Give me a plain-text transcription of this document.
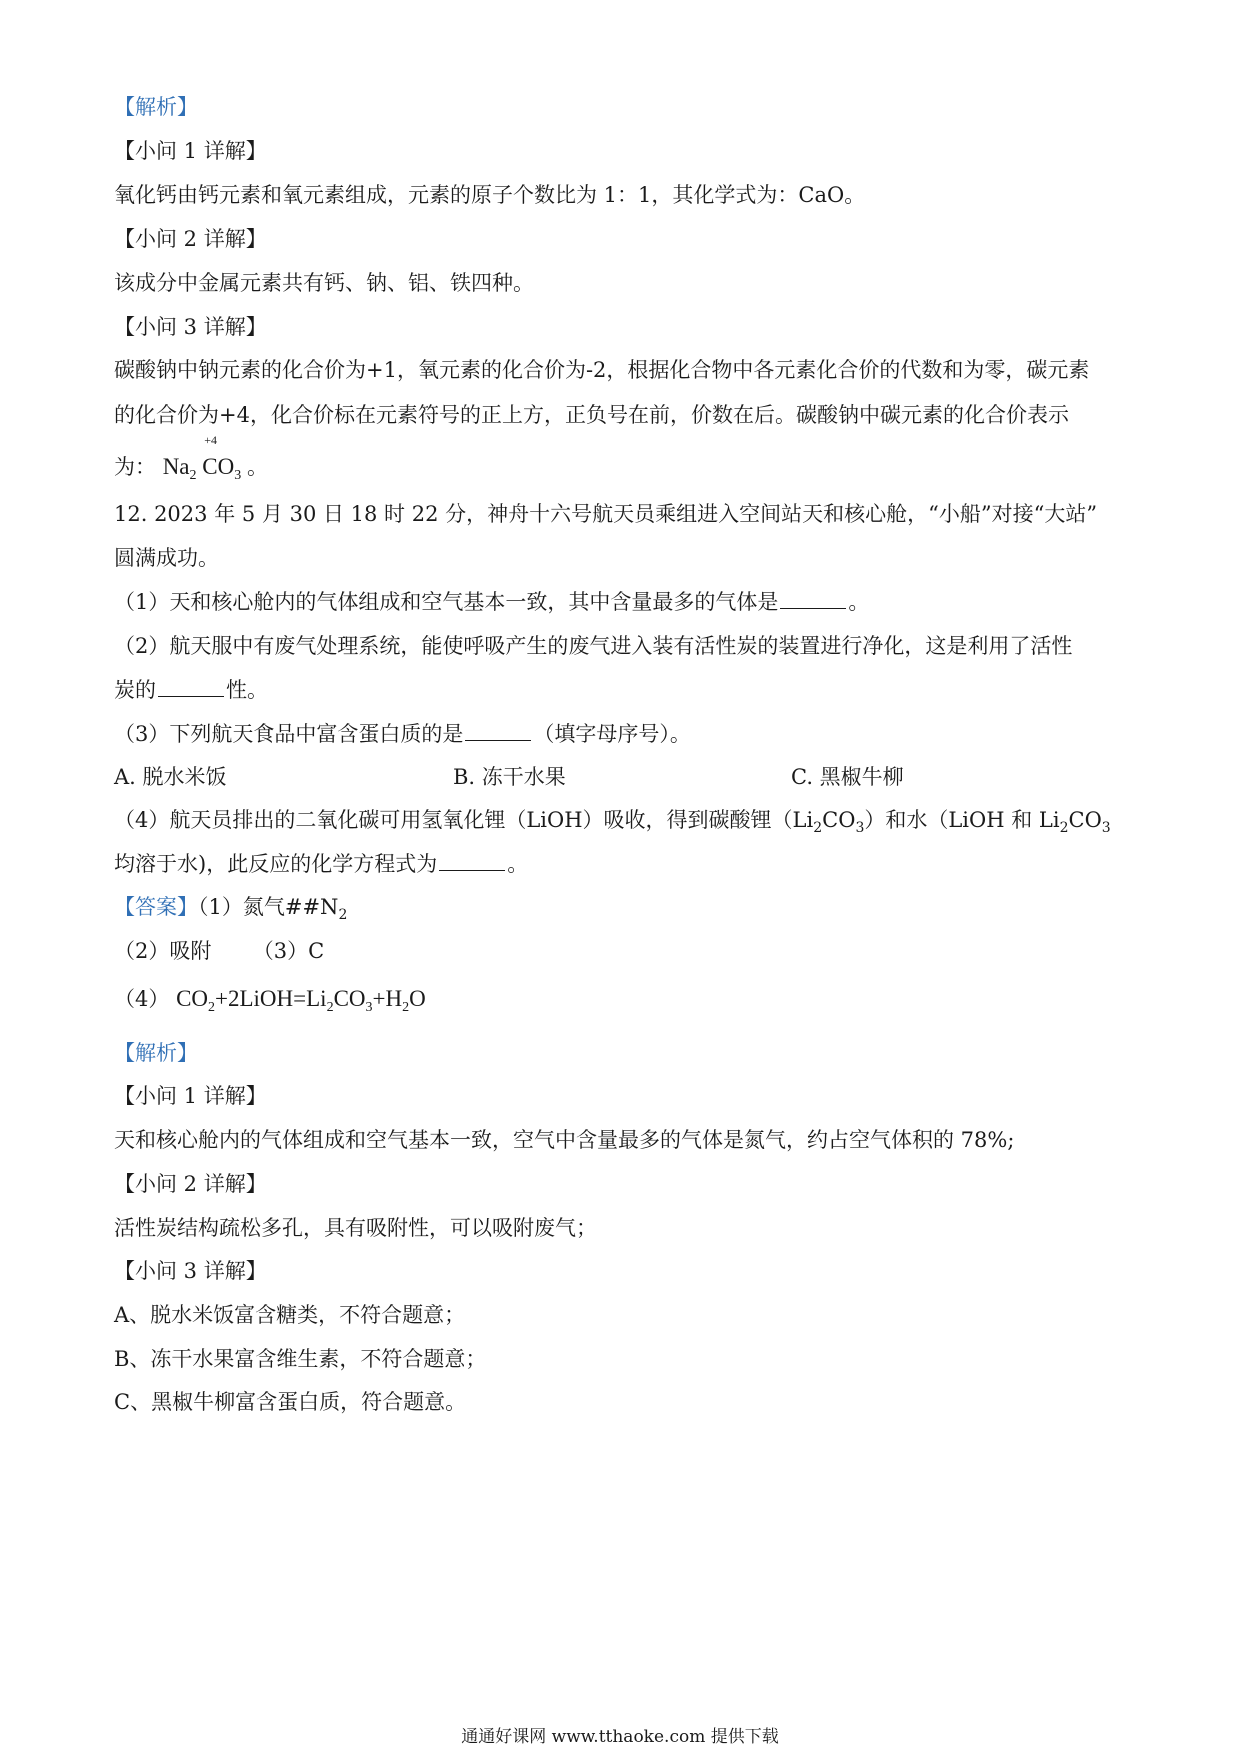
【解析】
【小问 1 详解】
氧化钙由钙元素和氧元素组成，元素的原子个数比为 1：1，其化学式为：CaO。
【小问 2 详解】
该成分中金属元素共有钙、钠、铝、铁四种。
【小问 3 详解】
碳酸钠中钠元素的化合价为+1，氧元素的化合价为-2，根据化合物中各元素化合价的代数和为零，碳元素
的化合价为+4，化合价标在元素符号的正上方，正负号在前，价数在后。碳酸钠中碳元素的化合价表示
为： $Na_2$
+4
$CO_3$ 。
12. 2023 年 5 月 30 日 18 时 22 分，神舟十六号航天员乘组进入空间站天和核心舱，“小船”对接“大站”
圆满成功。
（1）天和核心舱内的气体组成和空气基本一致，其中含量最多的气体是	。
（2）航天服中有废气处理系统，能使呼吸产生的废气进入装有活性炭的装置进行净化，这是利用了活性
炭的	性。
（3）下列航天食品中富含蛋白质的是	（填字母序号）。
A. 脱水米饭	B. 冻干水果	C. 黑椒牛柳
（4）航天员排出的二氧化碳可用氢氧化锂（LiOH）吸收，得到碳酸锂$(Li_2CO_3)$和水（LiOH 和 $Li_2CO_3$
均溶于水)，此反应的化学方程式为	。
【答案】（1）氮气$\#\#N_2$
（2）吸附 （3）C
（4） $CO_2+2LiOH=Li_2CO_3+H_2O$
【解析】
【小问 1 详解】
天和核心舱内的气体组成和空气基本一致，空气中含量最多的气体是氮气，约占空气体积的 78%;
【小问 2 详解】
活性炭结构疏松多孔，具有吸附性，可以吸附废气；
【小问 3 详解】
A、脱水米饭富含糖类，不符合题意；
B、冻干水果富含维生素，不符合题意；
C、黑椒牛柳富含蛋白质，符合题意。
通通好课网 www.tthaoke.com 提供下载
